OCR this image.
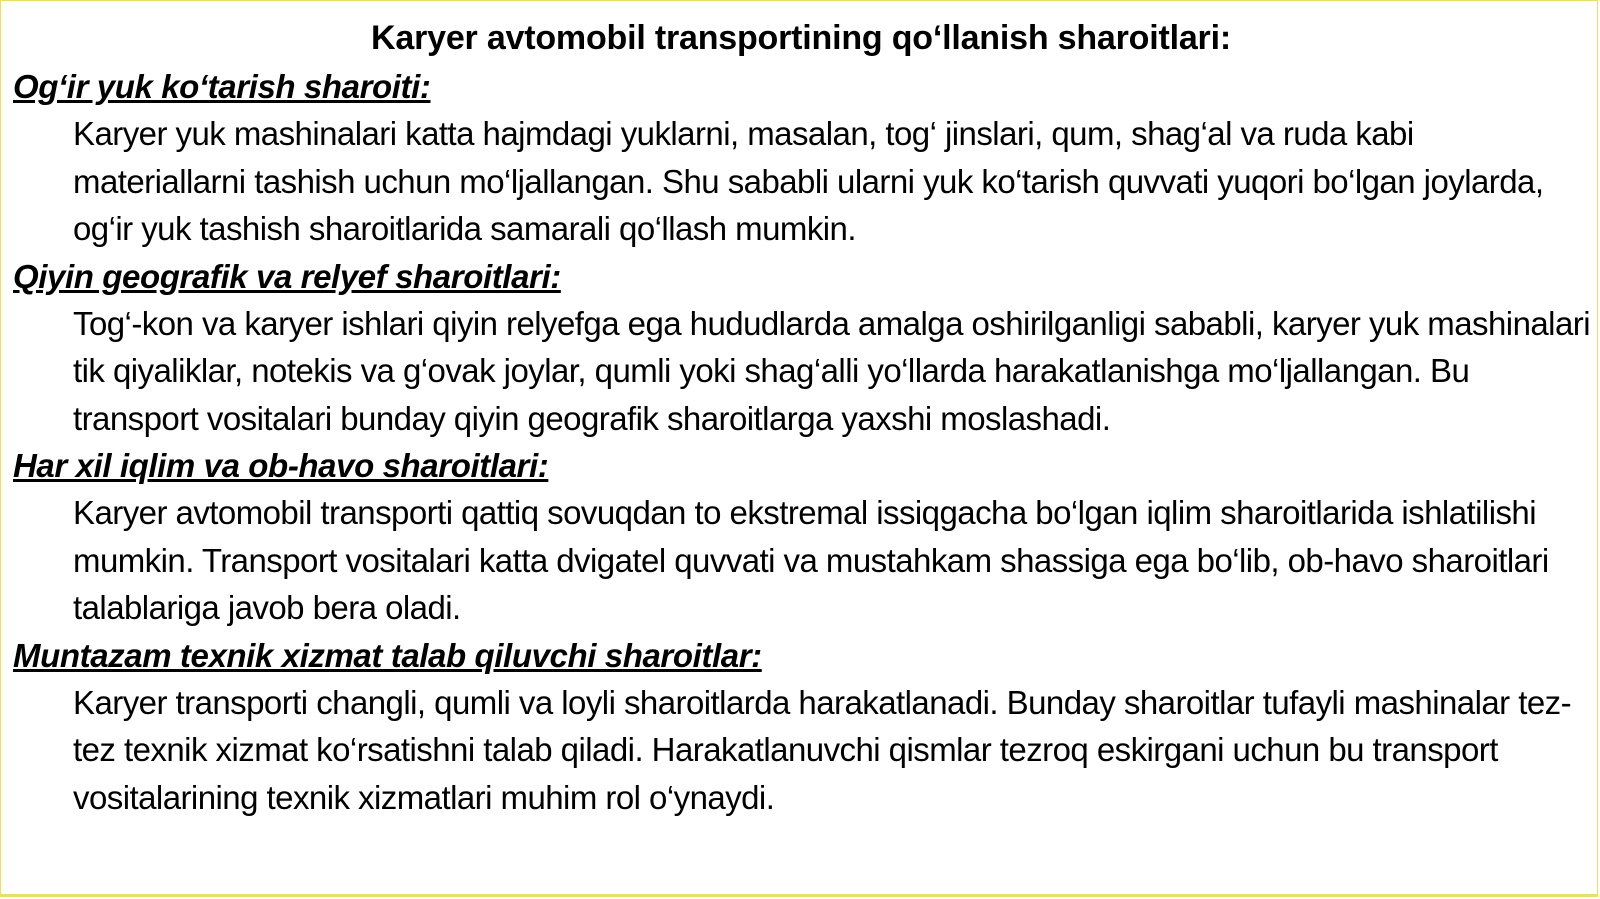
Karyer avtomobil transportining qo‘llanish sharoitlari:
Og‘ir yuk ko‘tarish sharoiti:
Karyer yuk mashinalari katta hajmdagi yuklarni, masalan, tog‘ jinslari, qum, shag‘al va ruda kabi materiallarni tashish uchun mo‘ljallangan. Shu sababli ularni yuk ko‘tarish quvvati yuqori bo‘lgan joylarda, og‘ir yuk tashish sharoitlarida samarali qo‘llash mumkin.
Qiyin geografik va relyef sharoitlari:
Tog‘-kon va karyer ishlari qiyin relyefga ega hududlarda amalga oshirilganligi sababli, karyer yuk mashinalari tik qiyaliklar, notekis va g‘ovak joylar, qumli yoki shag‘alli yo‘llarda harakatlanishga mo‘ljallangan. Bu transport vositalari bunday qiyin geografik sharoitlarga yaxshi moslashadi.
Har xil iqlim va ob-havo sharoitlari:
Karyer avtomobil transporti qattiq sovuqdan to ekstremal issiqgacha bo‘lgan iqlim sharoitlarida ishlatilishi mumkin. Transport vositalari katta dvigatel quvvati va mustahkam shassiga ega bo‘lib, ob-havo sharoitlari talablariga javob bera oladi.
Muntazam texnik xizmat talab qiluvchi sharoitlar:
Karyer transporti changli, qumli va loyli sharoitlarda harakatlanadi. Bunday sharoitlar tufayli mashinalar tez-tez texnik xizmat ko‘rsatishni talab qiladi. Harakatlanuvchi qismlar tezroq eskirgani uchun bu transport vositalarining texnik xizmatlari muhim rol o‘ynaydi.
